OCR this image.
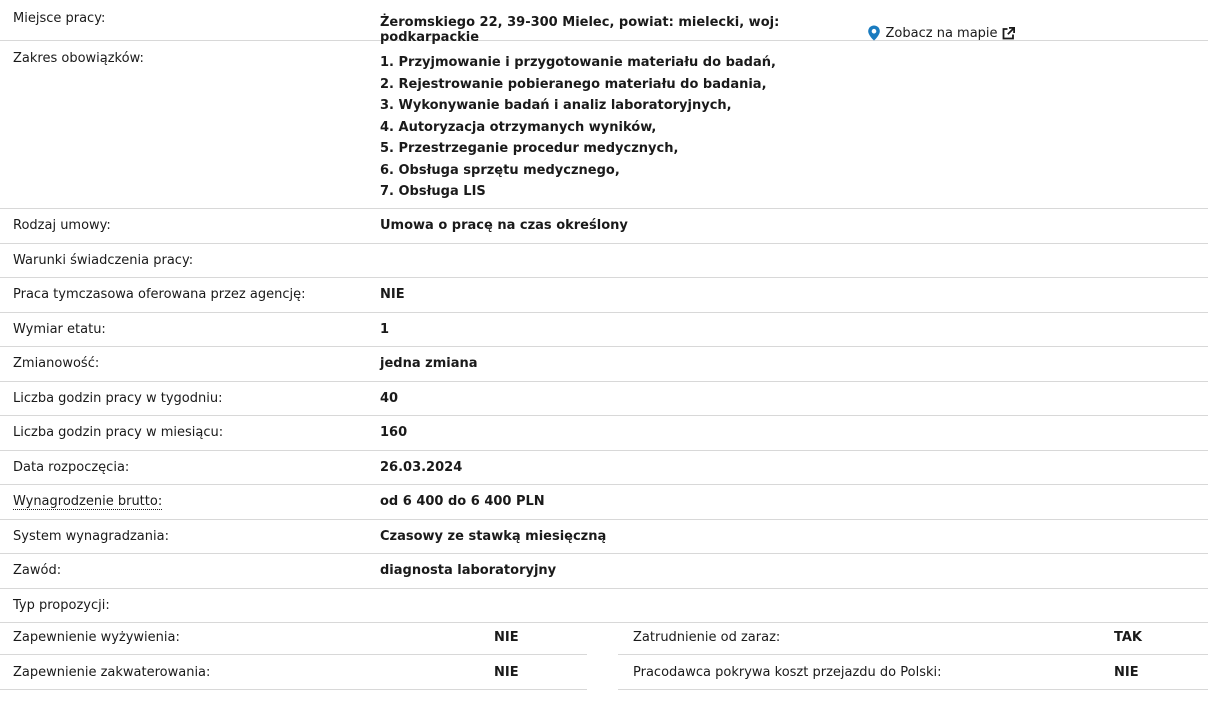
Miejsce pracy:	Żeromskiego 22, 39-300 Mielec, powiat: mielecki, woj: podkarpackie	Zobacz na mapie
Zakres obowiązków:	1. Przyjmowanie i przygotowanie materiału do badań,
2. Rejestrowanie pobieranego materiału do badania,
3. Wykonywanie badań i analiz laboratoryjnych,
4. Autoryzacja otrzymanych wyników,
5. Przestrzeganie procedur medycznych,
6. Obsługa sprzętu medycznego,
7. Obsługa LIS
Rodzaj umowy:	Umowa o pracę na czas określony
Warunki świadczenia pracy:
Praca tymczasowa oferowana przez agencję:	NIE
Wymiar etatu:	1
Zmianowość:	jedna zmiana
Liczba godzin pracy w tygodniu:	40
Liczba godzin pracy w miesiącu:	160
Data rozpoczęcia:	26.03.2024
Wynagrodzenie brutto:	od 6 400 do 6 400 PLN
System wynagradzania:	Czasowy ze stawką miesięczną
Zawód:	diagnosta laboratoryjny
Typ propozycji:
Zapewnienie wyżywienia:	NIE
Zapewnienie zakwaterowania:	NIE
Zatrudnienie od zaraz:	TAK
Pracodawca pokrywa koszt przejazdu do Polski:	NIE
